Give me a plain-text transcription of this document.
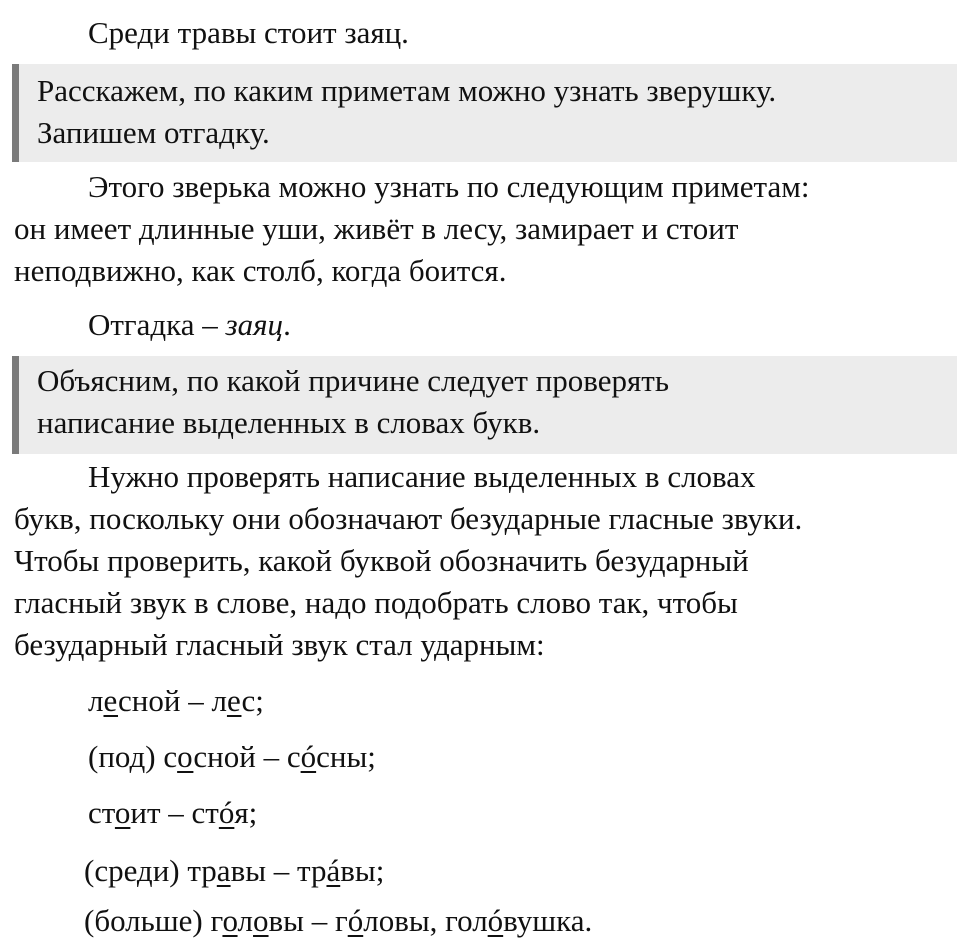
Среди травы стоит заяц.
Расскажем, по каким приметам можно узнать зверушку.
Запишем отгадку.
Этого зверька можно узнать по следующим приметам:
он имеет длинные уши, живёт в лесу, замирает и стоит
неподвижно, как столб, когда боится.
Отгадка – заяц.
Объясним, по какой причине следует проверять
написание выделенных в словах букв.
Нужно проверять написание выделенных в словах
букв, поскольку они обозначают безударные гласные звуки.
Чтобы проверить, какой буквой обозначить безударный
гласный звук в слове, надо подобрать слово так, чтобы
безударный гласный звук стал ударным:
лесной – лес;
(под) сосной – сóсны;
стоит – стóя;
(среди) травы – трáвы;
(больше) головы – гóловы, голóвушка.
